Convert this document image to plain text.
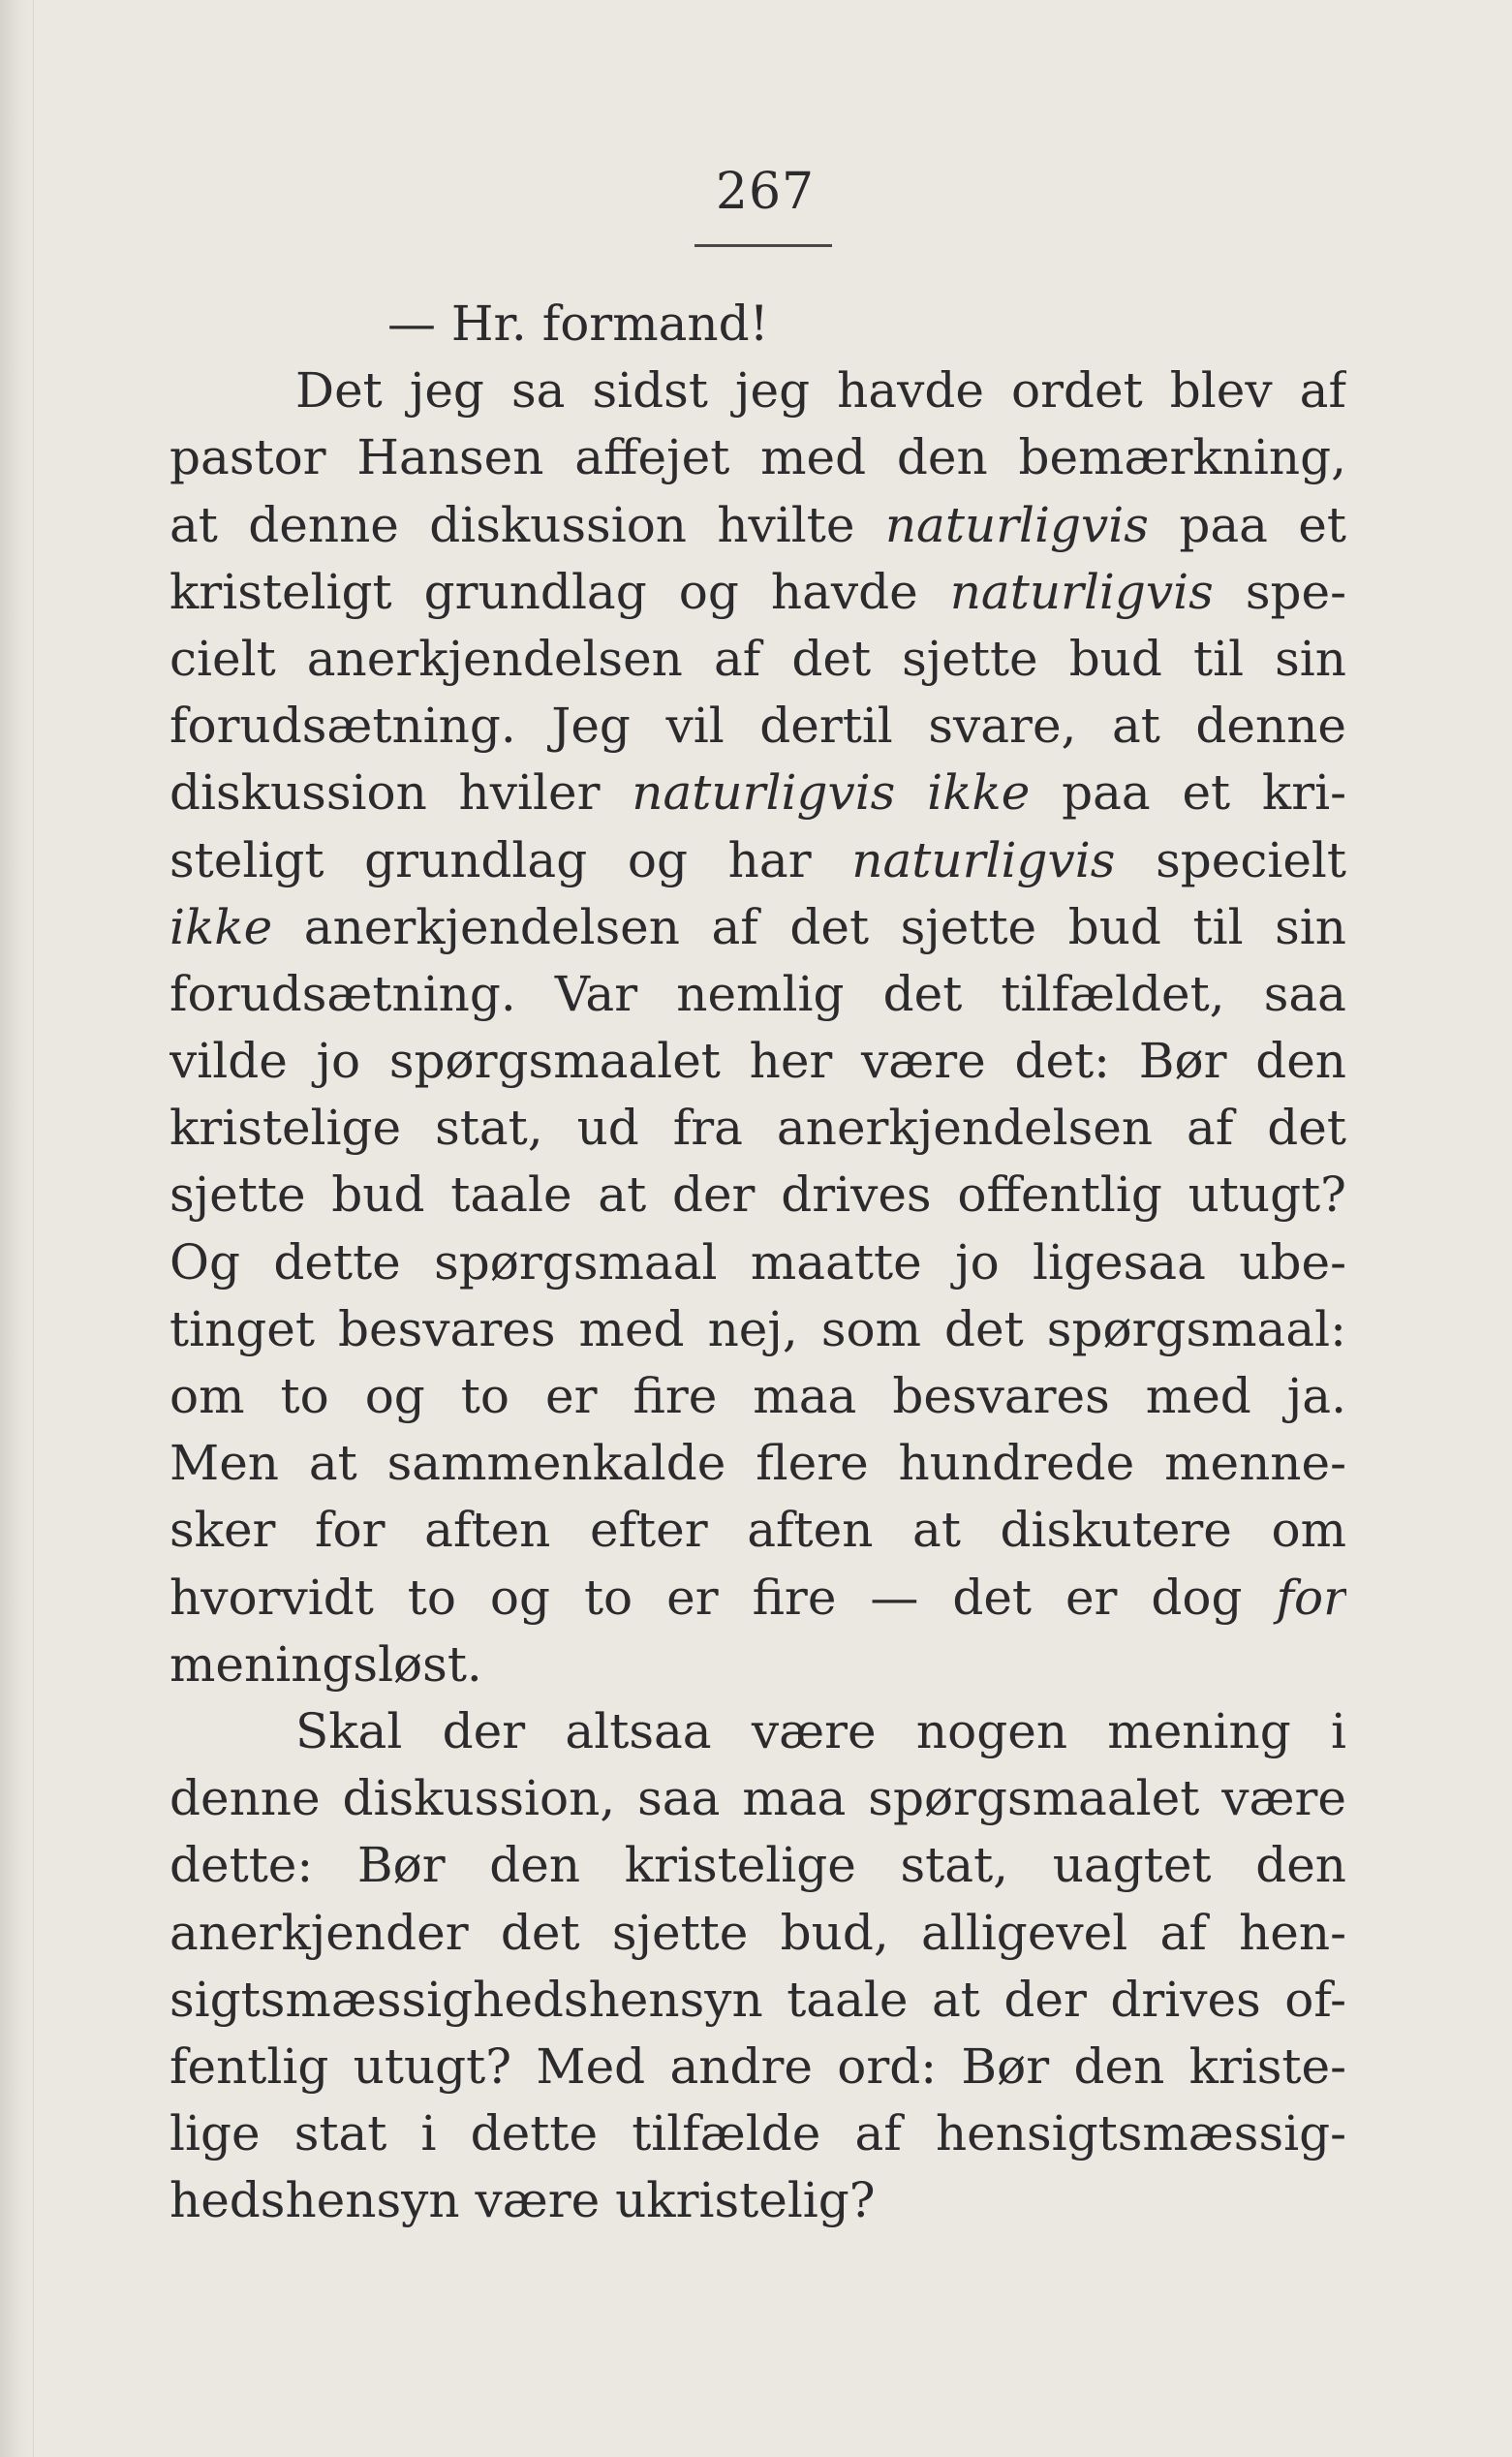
267
— Hr. formand!
Det jeg sa sidst jeg havde ordet blev af
pastor Hansen affejet med den bemærkning,
at denne diskussion hvilte naturligvis paa et
kristeligt grundlag og havde naturligvis spe-
cielt anerkjendelsen af det sjette bud til sin
forudsætning. Jeg vil dertil svare, at denne
diskussion hviler naturligvis ikke paa et kri-
steligt grundlag og har naturligvis specielt
ikke anerkjendelsen af det sjette bud til sin
forudsætning. Var nemlig det tilfældet, saa
vilde jo spørgsmaalet her være det: Bør den
kristelige stat, ud fra anerkjendelsen af det
sjette bud taale at der drives offentlig utugt?
Og dette spørgsmaal maatte jo ligesaa ube-
tinget besvares med nej, som det spørgsmaal:
om to og to er fire maa besvares med ja.
Men at sammenkalde flere hundrede menne-
sker for aften efter aften at diskutere om
hvorvidt to og to er fire — det er dog for
meningsløst.
Skal der altsaa være nogen mening i
denne diskussion, saa maa spørgsmaalet være
dette: Bør den kristelige stat, uagtet den
anerkjender det sjette bud, alligevel af hen-
sigtsmæssighedshensyn taale at der drives of-
fentlig utugt? Med andre ord: Bør den kriste-
lige stat i dette tilfælde af hensigtsmæssig-
hedshensyn være ukristelig?
